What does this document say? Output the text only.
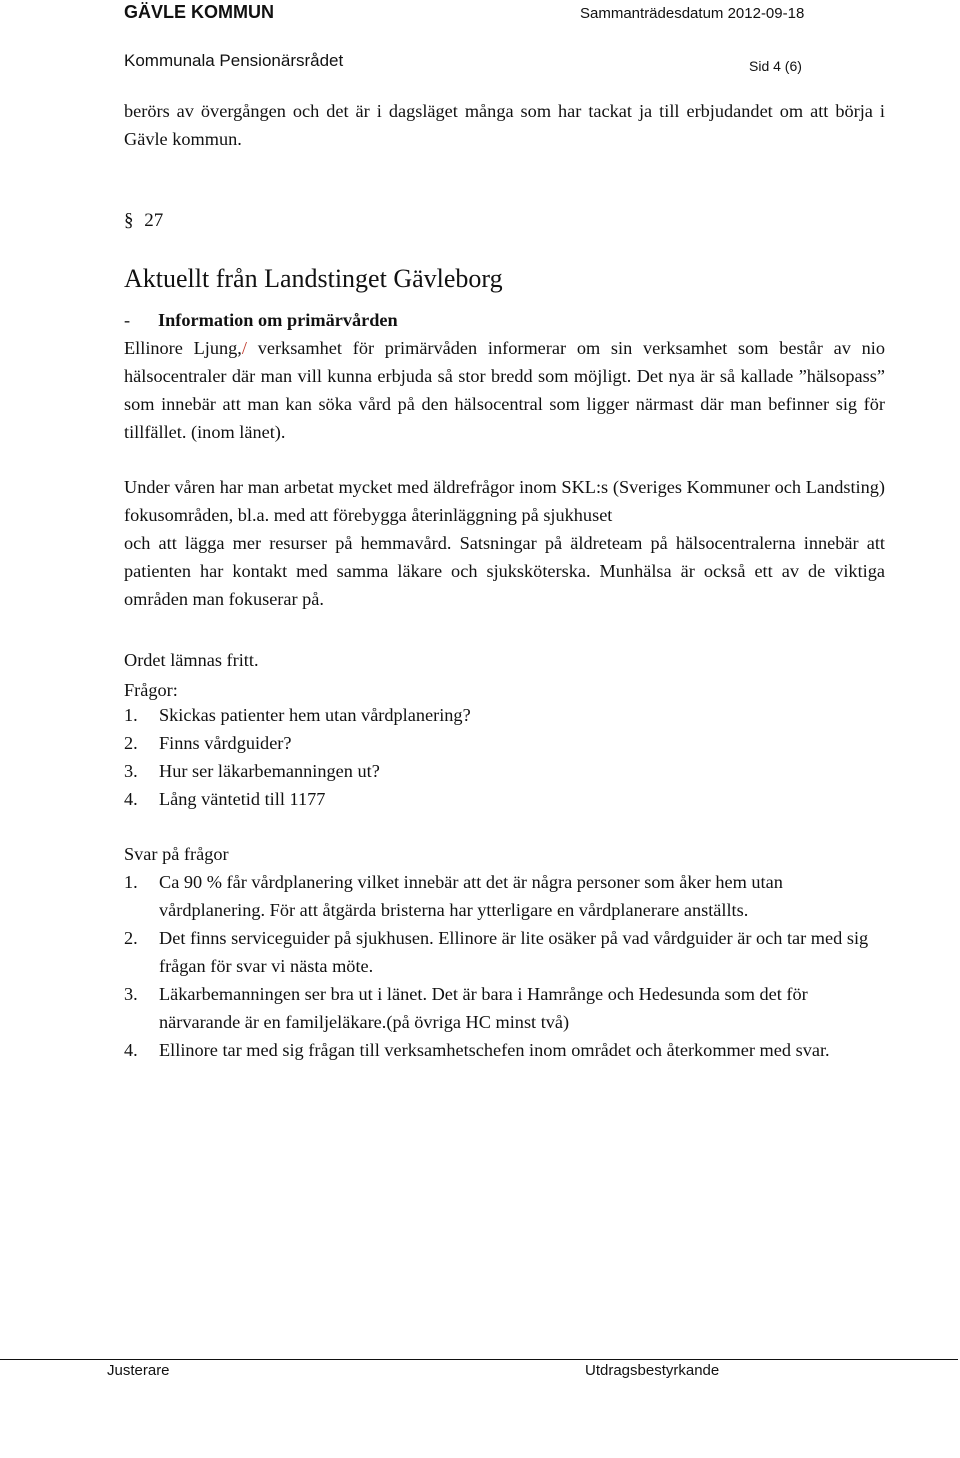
GÄVLE KOMMUN	Sammanträdesdatum 2012-09-18
Kommunala Pensionärsrådet	Sid 4 (6)
berörs av övergången och det är i dagsläget många som har tackat ja till erbjudandet om att börja i Gävle kommun.
§ 27
Aktuellt från Landstinget Gävleborg
- Information om primärvården
Ellinore Ljung,/ verksamhet för primärvåden informerar om sin verksamhet som består av nio hälsocentraler där man vill kunna erbjuda så stor bredd som möjligt. Det nya är så kallade ”hälsopass” som innebär att man kan söka vård på den hälsocentral som ligger närmast där man befinner sig för tillfället. (inom länet).
Under våren har man arbetat mycket med äldrefrågor inom SKL:s (Sveriges Kommuner och Landsting) fokusområden, bl.a. med att förebygga återinläggning på sjukhuset
och att lägga mer resurser på hemmavård. Satsningar på äldreteam på hälsocentralerna innebär att patienten har kontakt med samma läkare och sjuksköterska. Munhälsa är också ett av de viktiga områden man fokuserar på.
Ordet lämnas fritt.
Frågor:
1. Skickas patienter hem utan vårdplanering?
2. Finns vårdguider?
3. Hur ser läkarbemanningen ut?
4. Lång väntetid till 1177
Svar på frågor
1. Ca 90 % får vårdplanering vilket innebär att det är några personer som åker hem utan vårdplanering. För att åtgärda bristerna har ytterligare en vårdplanerare anställts.
2. Det finns serviceguider på sjukhusen. Ellinore är lite osäker på vad vårdguider är och tar med sig frågan för svar vi nästa möte.
3. Läkarbemanningen ser bra ut i länet. Det är bara i Hamrånge och Hedesunda som det för närvarande är en familjeläkare.(på övriga HC minst två)
4. Ellinore tar med sig frågan till verksamhetschefen inom området och återkommer med svar.
Justerare	Utdragsbestyrkande
